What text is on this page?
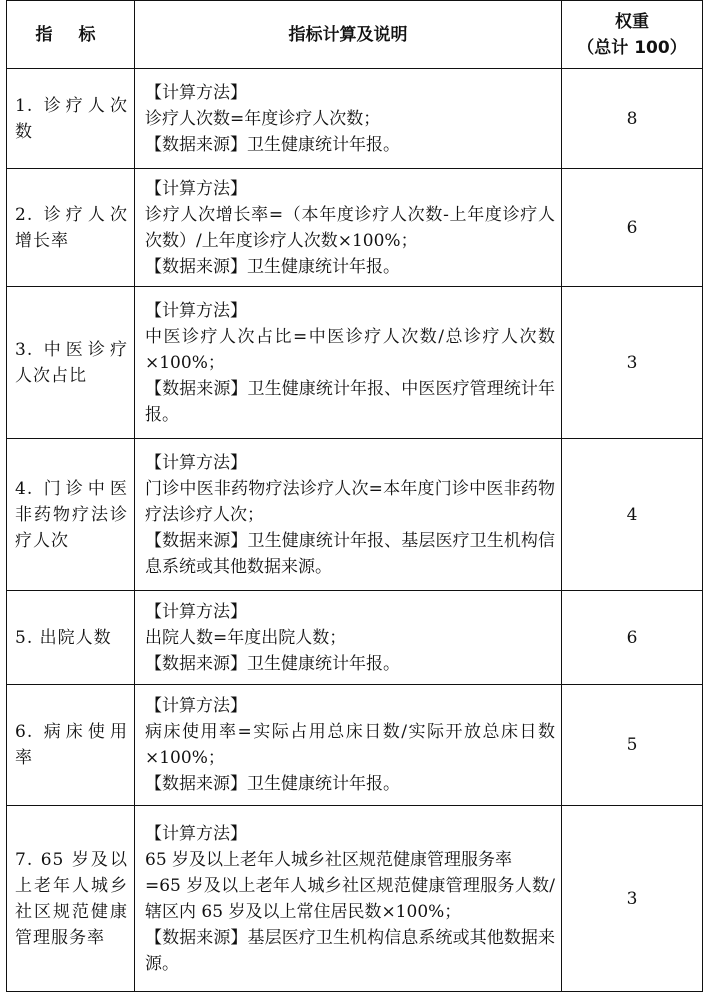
指 标	指标计算及说明	权重
（总计 100）

1. 诊疗人次数	【计算方法】
诊疗人次数=年度诊疗人次数；
【数据来源】卫生健康统计年报。	8
2. 诊疗人次增长率	【计算方法】
诊疗人次增长率=（本年度诊疗人次数-上年度诊疗人次数）/上年度诊疗人次数×100%；
【数据来源】卫生健康统计年报。	6
3. 中医诊疗人次占比	【计算方法】
中医诊疗人次占比=中医诊疗人次数/总诊疗人次数×100%；
【数据来源】卫生健康统计年报、中医医疗管理统计年报。	3
4. 门诊中医非药物疗法诊疗人次	【计算方法】
门诊中医非药物疗法诊疗人次=本年度门诊中医非药物疗法诊疗人次；
【数据来源】卫生健康统计年报、基层医疗卫生机构信息系统或其他数据来源。	4
5. 出院人数	【计算方法】
出院人数=年度出院人数；
【数据来源】卫生健康统计年报。	6
6. 病床使用率	【计算方法】
病床使用率=实际占用总床日数/实际开放总床日数×100%；
【数据来源】卫生健康统计年报。	5
7. 65 岁及以上老年人城乡社区规范健康管理服务率	【计算方法】
65 岁及以上老年人城乡社区规范健康管理服务率
=65 岁及以上老年人城乡社区规范健康管理服务人数/辖区内 65 岁及以上常住居民数×100%；
【数据来源】基层医疗卫生机构信息系统或其他数据来源。	3
